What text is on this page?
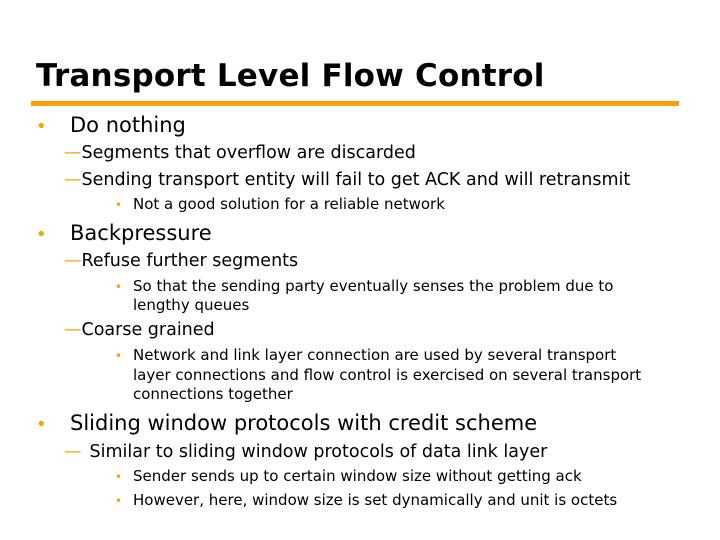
Transport Level Flow Control

• Do nothing

—Segments that overflow are discarded

—Sending transport entity will fail to get ACK and will retransmit

• Not a good solution for a reliable network

• Backpressure

—Refuse further segments

• So that the sending party eventually senses the problem due to

lengthy queues

—Coarse grained

• Network and link layer connection are used by several transport

layer connections and flow control is exercised on several transport

connections together

• Sliding window protocols with credit scheme

— Similar to sliding window protocols of data link layer

• Sender sends up to certain window size without getting ack

• However, here, window size is set dynamically and unit is octets
